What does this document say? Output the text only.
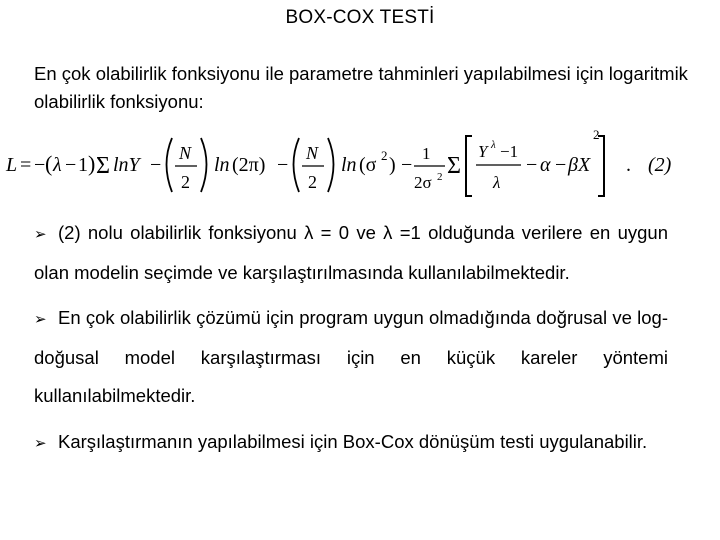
BOX-COX TESTİ
En çok olabilirlik fonksiyonu ile parametre tahminleri yapılabilmesi için logaritmik olabilirlik fonksiyonu:
L = − ( λ − 1 ) Σ lnY −
N
2
ln (2π) −
N
2
ln (σ 2 ) −
1
2σ 2 Σ
Y λ −1
λ
− α − βX
2
. (2)

➢ (2) nolu olabilirlik fonksiyonu λ = 0 ve λ =1 olduğunda verilere en uygun olan modelin seçimde ve karşılaştırılmasında kullanılabilmektedir.

➢ En çok olabilirlik çözümü için program uygun olmadığında doğrusal ve log-doğusal model karşılaştırması için en küçük kareler yöntemi kullanılabilmektedir.

➢ Karşılaştırmanın yapılabilmesi için Box-Cox dönüşüm testi uygulanabilir.
